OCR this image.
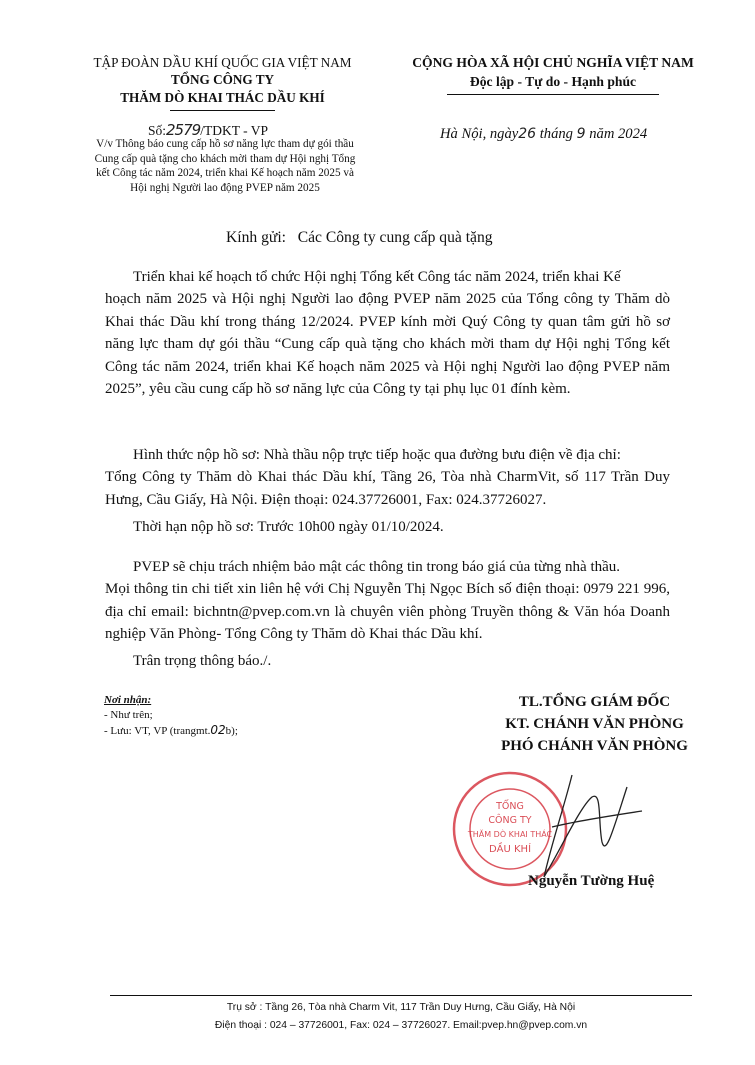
TẬP ĐOÀN DẦU KHÍ QUỐC GIA VIỆT NAM
TỔNG CÔNG TY
THĂM DÒ KHAI THÁC DẦU KHÍ
CỘNG HÒA XÃ HỘI CHỦ NGHĨA VIỆT NAM
Độc lập - Tự do - Hạnh phúc
Số:2579/TDKT - VP
V/v Thông báo cung cấp hồ sơ năng lực tham dự gói thầu
Cung cấp quà tặng cho khách mời tham dự Hội nghị Tổng
kết Công tác năm 2024, triển khai Kế hoạch năm 2025 và
Hội nghị Người lao động PVEP năm 2025
Hà Nội, ngày26 tháng 9 năm 2024
Kính gửi:   Các Công ty cung cấp quà tặng
Triển khai kế hoạch tổ chức Hội nghị Tổng kết Công tác năm 2024, triển khai Kế
hoạch năm 2025 và Hội nghị Người lao động PVEP năm 2025 của Tổng công ty Thăm dò Khai thác Dầu khí trong tháng 12/2024. PVEP kính mời Quý Công ty quan tâm gửi hồ sơ năng lực tham dự gói thầu “Cung cấp quà tặng cho khách mời tham dự Hội nghị Tổng kết Công tác năm 2024, triển khai Kế hoạch năm 2025 và Hội nghị Người lao động PVEP năm 2025”, yêu cầu cung cấp hồ sơ năng lực của Công ty tại phụ lục 01 đính kèm.
Hình thức nộp hồ sơ: Nhà thầu nộp trực tiếp hoặc qua đường bưu điện về địa chỉ:
Tổng Công ty Thăm dò Khai thác Dầu khí, Tầng 26, Tòa nhà CharmVit, số 117 Trần Duy Hưng, Cầu Giấy, Hà Nội. Điện thoại: 024.37726001, Fax: 024.37726027.
Thời hạn nộp hồ sơ: Trước 10h00 ngày 01/10/2024.
PVEP sẽ chịu trách nhiệm bảo mật các thông tin trong báo giá của từng nhà thầu.
Mọi thông tin chi tiết xin liên hệ với Chị Nguyễn Thị Ngọc Bích số điện thoại: 0979 221 996, địa chỉ email: bichntn@pvep.com.vn là chuyên viên phòng Truyền thông & Văn hóa Doanh nghiệp Văn Phòng- Tổng Công ty Thăm dò Khai thác Dầu khí.
Trân trọng thông báo./.
Nơi nhận:
- Như trên;
- Lưu: VT, VP (trangmt.02b);
TL.TỔNG GIÁM ĐỐC
KT. CHÁNH VĂN PHÒNG
PHÓ CHÁNH VĂN PHÒNG
TỔNG
CÔNG TY
THĂM DÒ KHAI THÁC
DẦU KHÍ
Nguyễn Tường Huệ
Trụ sở : Tầng 26, Tòa nhà Charm Vit, 117 Trần Duy Hưng, Cầu Giấy, Hà Nội
Điện thoại : 024 – 37726001, Fax: 024 – 37726027. Email:pvep.hn@pvep.com.vn
